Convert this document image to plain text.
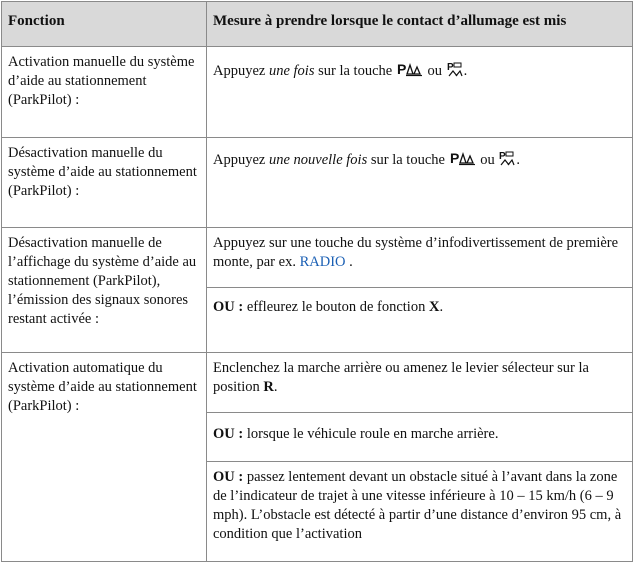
Fonction	Mesure à prendre lorsque le contact d’allumage est mis
Activation manuelle du système d’aide au stationnement (ParkPilot) :
Appuyez une fois sur la touche P ou P .
Désactivation manuelle du système d’aide au stationnement (ParkPilot) :
Appuyez une nouvelle fois sur la touche P ou P .
Désactivation manuelle de l’affichage du système d’aide au stationnement (ParkPilot), l’émission des signaux sonores restant activée :
Appuyez sur une touche du système d’infodivertissement de première monte, par ex. RADIO .
OU : effleurez le bouton de fonction X.
Activation automatique du système d’aide au stationnement (ParkPilot) :
Enclenchez la marche arrière ou amenez le levier sélecteur sur la position R.
OU : lorsque le véhicule roule en marche arrière.
OU : passez lentement devant un obstacle situé à l’avant dans la zone de l’indicateur de trajet à une vitesse inférieure à 10 – 15 km/h (6 – 9 mph). L’obstacle est détecté à partir d’une distance d’environ 95 cm, à condition que l’activation
